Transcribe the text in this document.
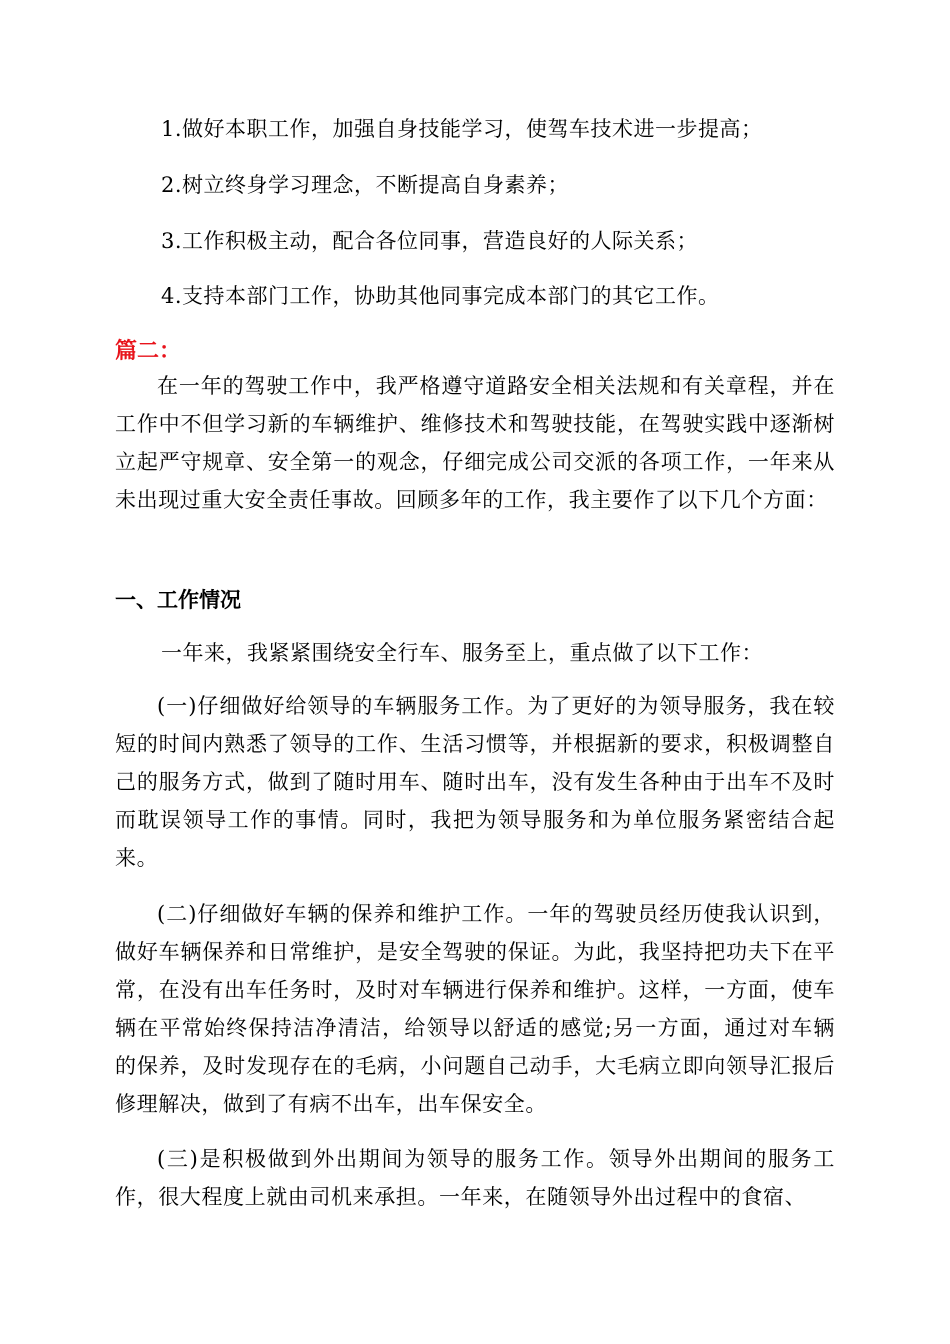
1.做好本职工作，加强自身技能学习，使驾车技术进一步提高；
2.树立终身学习理念，不断提高自身素养；
3.工作积极主动，配合各位同事，营造良好的人际关系；
4.支持本部门工作，协助其他同事完成本部门的其它工作。
篇二：
在一年的驾驶工作中，我严格遵守道路安全相关法规和有关章程，并在工作中不但学习新的车辆维护、维修技术和驾驶技能，在驾驶实践中逐渐树立起严守规章、安全第一的观念，仔细完成公司交派的各项工作，一年来从未出现过重大安全责任事故。回顾多年的工作，我主要作了以下几个方面：
一、工作情况
一年来，我紧紧围绕安全行车、服务至上，重点做了以下工作：
(一)仔细做好给领导的车辆服务工作。为了更好的为领导服务，我在较短的时间内熟悉了领导的工作、生活习惯等，并根据新的要求，积极调整自己的服务方式，做到了随时用车、随时出车，没有发生各种由于出车不及时而耽误领导工作的事情。同时，我把为领导服务和为单位服务紧密结合起来。
(二)仔细做好车辆的保养和维护工作。一年的驾驶员经历使我认识到，做好车辆保养和日常维护，是安全驾驶的保证。为此，我坚持把功夫下在平常，在没有出车任务时，及时对车辆进行保养和维护。这样，一方面，使车辆在平常始终保持洁净清洁，给领导以舒适的感觉;另一方面，通过对车辆的保养，及时发现存在的毛病，小问题自己动手，大毛病立即向领导汇报后修理解决，做到了有病不出车，出车保安全。
(三)是积极做到外出期间为领导的服务工作。领导外出期间的服务工作，很大程度上就由司机来承担。一年来，在随领导外出过程中的食宿、
